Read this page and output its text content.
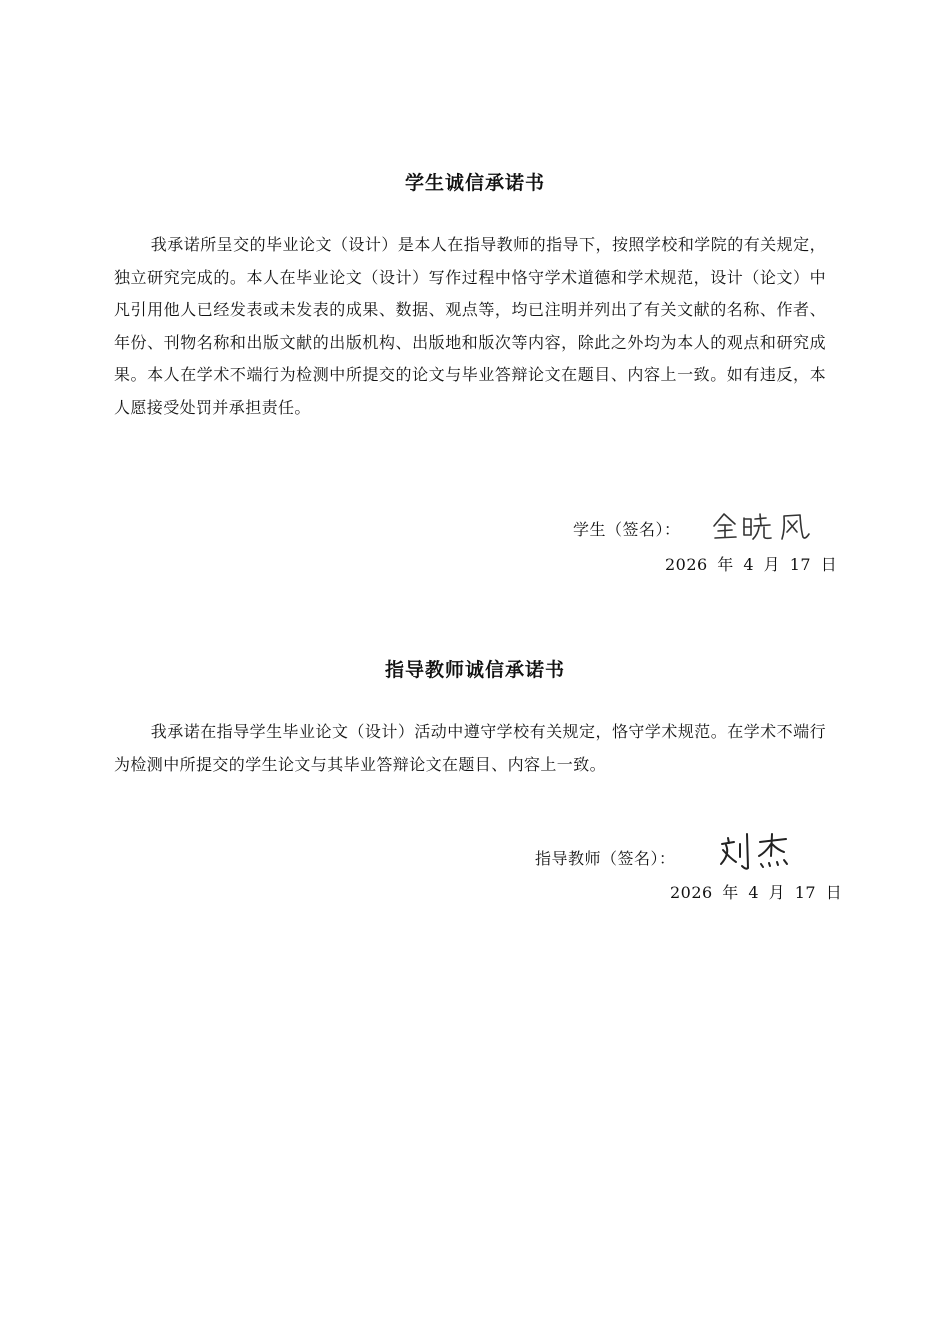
学生诚信承诺书

我承诺所呈交的毕业论文（设计）是本人在指导教师的指导下，按照学校和学院的有关规定，独立研究完成的。本人在毕业论文（设计）写作过程中恪守学术道德和学术规范，设计（论文）中凡引用他人已经发表或未发表的成果、数据、观点等，均已注明并列出了有关文献的名称、作者、年份、刊物名称和出版文献的出版机构、出版地和版次等内容，除此之外均为本人的观点和研究成果。本人在学术不端行为检测中所提交的论文与毕业答辩论文在题目、内容上一致。如有违反，本人愿接受处罚并承担责任。

学生（签名）：
2026 年 4 月 17 日
指导教师诚信承诺书

我承诺在指导学生毕业论文（设计）活动中遵守学校有关规定，恪守学术规范。在学术不端行为检测中所提交的学生论文与其毕业答辩论文在题目、内容上一致。

指导教师（签名）：
2026 年 4 月 17 日
